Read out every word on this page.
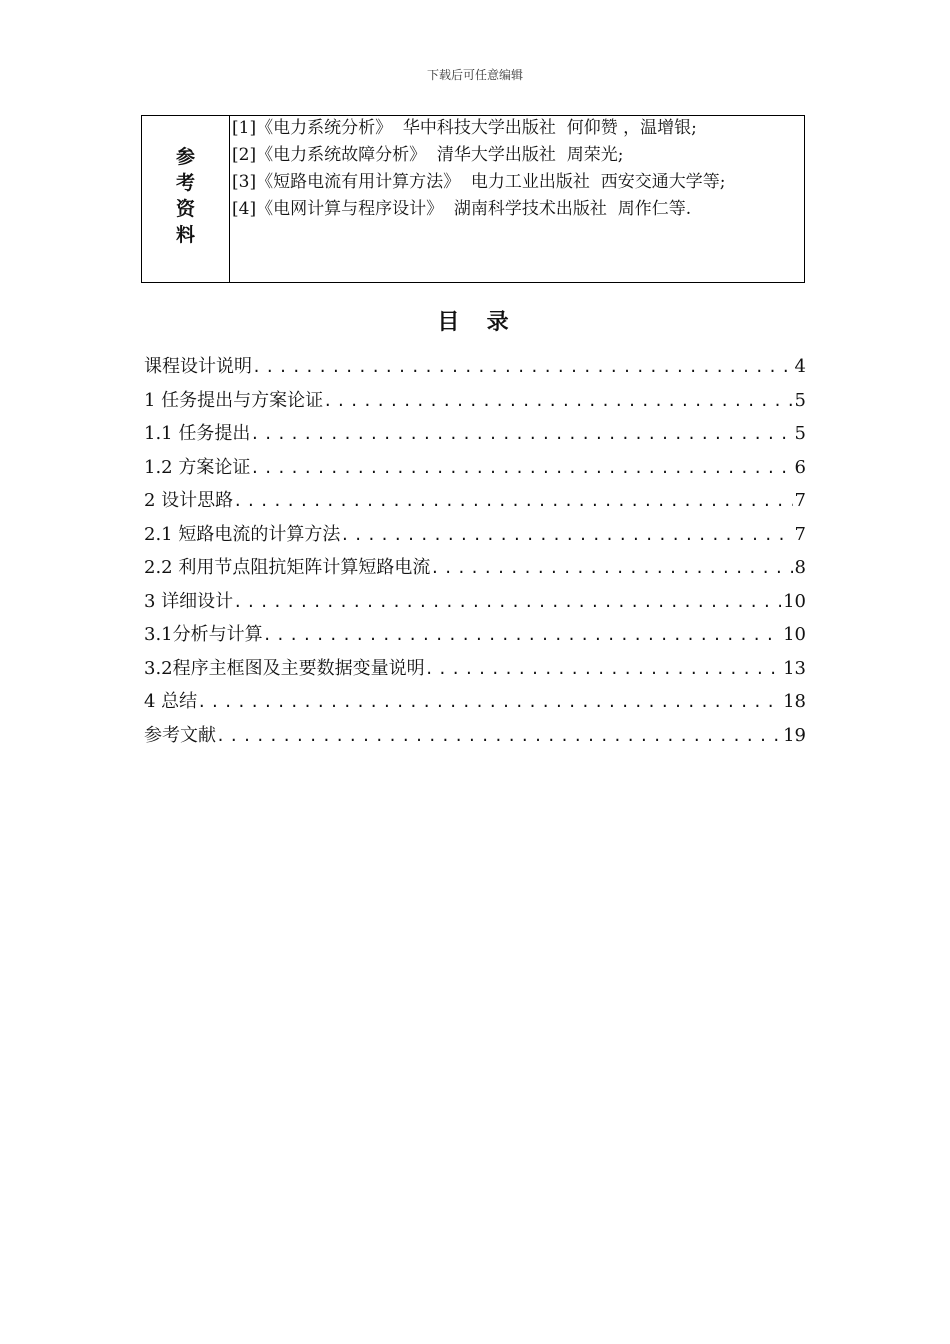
下载后可任意编辑
参考资料

[1]《电力系统分析》  华中科技大学出版社  何仰赞 ，温增银;

[2]《电力系统故障分析》  清华大学出版社  周荣光;

[3]《短路电流有用计算方法》  电力工业出版社  西安交通大学等;

[4]《电网计算与程序设计》  湖南科学技术出版社  周作仁等.

目  录
课程设计说明 .....	4
1 任务提出与方案论证 .....	5
1.1 任务提出 .....	5
1.2 方案论证 .....	6
2 设计思路 .....	7
2.1 短路电流的计算方法 .....	7
2.2 利用节点阻抗矩阵计算短路电流 .....	8
3 详细设计 .....	10
3.1分析与计算 .....	10
3.2程序主框图及主要数据变量说明 .....	13
4 总结 .....	18
参考文献 .....	19
